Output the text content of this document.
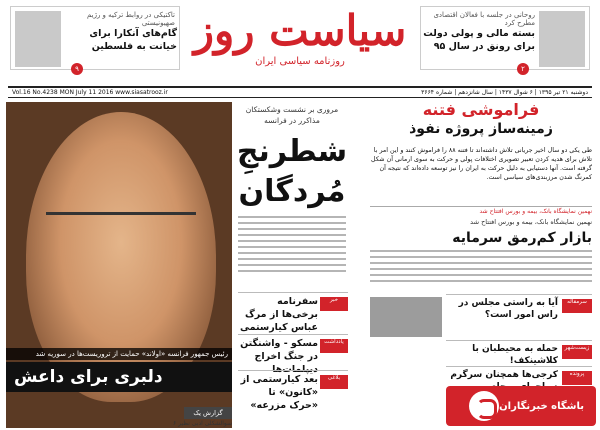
روحانی در جلسه با فعالان اقتصادی مطرح کرد
بسته مالی و پولی دولت برای رونق در سال ۹۵
۲
سیاست روز
روزنامه سیاسی ایران
تاکتیکی در روابط ترکیه و رژیم صهیونیستی
گام‌های آنکارا برای خیانت به فلسطین
۹
دوشنبه ۲۱ تیر ۱۳۹۵ | ۶ شوال ۱۴۳۷ | سال شانزدهم | شماره ۳۶۶۴
Vol.16 No.4238 MON July 11 2016 www.siasatrooz.ir
رئیس جمهور فرانسه «اولاند» حمایت از تروریست‌ها در سوریه شد
دلبری برای داعش
گزارش یک
سوالشکلی ادبی نظیر ۶
مروری بر نشست وشکستکان مذاکرر در فرانسه
شطرنجِ مُردگان
خبر
سفرنامه برخی‌ها از مرگ عباس کیارستمی
یادداشت
مسکو - واشنگتن در جنگ اخراج دیپلمات‌ها
بلاغی
بعد کیارستمی از «کانون» تا «حرک مزرعه»
فراموشی فتنه
زمینه‌ساز پروژه نفوذ
طی یکی دو سال اخیر جریانی تلاش داشته‌اند تا فتنه ۸۸ را فراموش کنند و این امر با تلاش برای هدیه کردن تعبیر تصویری اختلافات پولی و حرکت به سوی ارمانی آن شکل گرفته است. آنها دستیابی به دلیل حرکت به ایران را نیز توسعه داده‌اند که نتیجه آن کمرنگ شدن مرزبندی‌های سیاسی است.
نهمین نمایشگاه بانک، بیمه و بورس افتتاح شد
نهمین نمایشگاه بانک، بیمه و بورس افتتاح شد
بازار کم‌رمق سرمایه
سرمقاله
آیا به راستی مجلس در راس امور است؟
زیست‌شهر
حمله به محیطبان با کلاشینکف!
پرونده
کرجی‌ها همچنان سرگرم
باشگاه خبرنگاران
